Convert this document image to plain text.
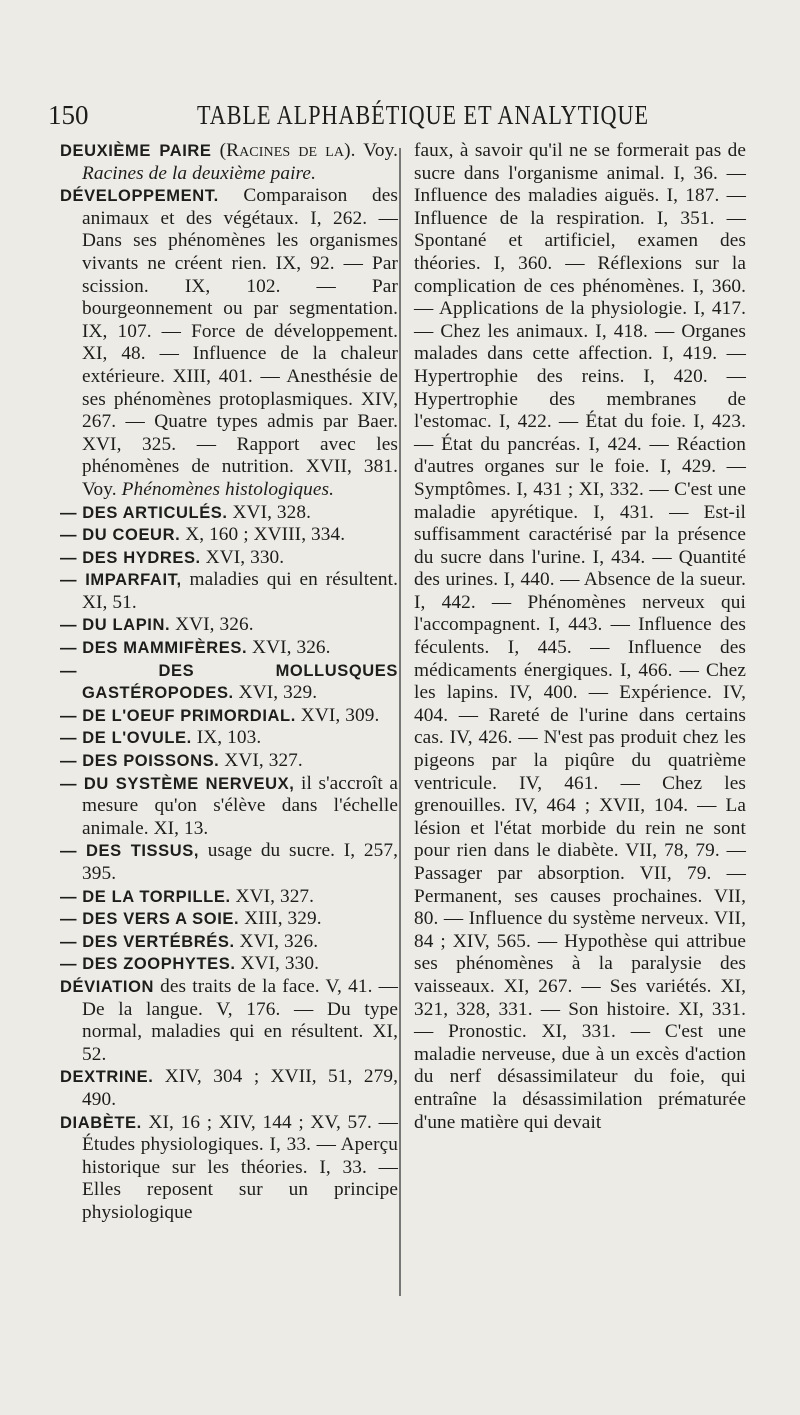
150	TABLE ALPHABÉTIQUE ET ANALYTIQUE

DEUXIÈME PAIRE (Racines de la). Voy. Racines de la deuxième paire.

DÉVELOPPEMENT. Comparaison des animaux et des végétaux. I, 262. — Dans ses phénomènes les organismes vivants ne créent rien. IX, 92. — Par scission. IX, 102. — Par bourgeonnement ou par segmentation. IX, 107. — Force de développement. XI, 48. — Influence de la chaleur extérieure. XIII, 401. — Anesthésie de ses phénomènes protoplasmiques. XIV, 267. — Quatre types admis par Baer. XVI, 325. — Rapport avec les phénomènes de nutrition. XVII, 381. Voy. Phénomènes histologiques.

— DES ARTICULÉS. XVI, 328.

— DU COEUR. X, 160 ; XVIII, 334.

— DES HYDRES. XVI, 330.

— IMPARFAIT, maladies qui en résultent. XI, 51.

— DU LAPIN. XVI, 326.

— DES MAMMIFÈRES. XVI, 326.

— DES MOLLUSQUES GASTÉROPODES. XVI, 329.

— DE L'OEUF PRIMORDIAL. XVI, 309.

— DE L'OVULE. IX, 103.

— DES POISSONS. XVI, 327.

— DU SYSTÈME NERVEUX, il s'accroît a mesure qu'on s'élève dans l'échelle animale. XI, 13.

— DES TISSUS, usage du sucre. I, 257, 395.

— DE LA TORPILLE. XVI, 327.

— DES VERS A SOIE. XIII, 329.

— DES VERTÉBRÉS. XVI, 326.

— DES ZOOPHYTES. XVI, 330.

DÉVIATION des traits de la face. V, 41. — De la langue. V, 176. — Du type normal, maladies qui en résultent. XI, 52.

DEXTRINE. XIV, 304 ; XVII, 51, 279, 490.

DIABÈTE. XI, 16 ; XIV, 144 ; XV, 57. — Études physiologiques. I, 33. — Aperçu historique sur les théories. I, 33. — Elles reposent sur un principe physiologique

faux, à savoir qu'il ne se formerait pas de sucre dans l'organisme animal. I, 36. — Influence des maladies aiguës. I, 187. — Influence de la respiration. I, 351. — Spontané et artificiel, examen des théories. I, 360. — Réflexions sur la complication de ces phénomènes. I, 360. — Applications de la physiologie. I, 417. — Chez les animaux. I, 418. — Organes malades dans cette affection. I, 419. — Hypertrophie des reins. I, 420. — Hypertrophie des membranes de l'estomac. I, 422. — État du foie. I, 423. — État du pancréas. I, 424. — Réaction d'autres organes sur le foie. I, 429. — Symptômes. I, 431 ; XI, 332. — C'est une maladie apyrétique. I, 431. — Est-il suffisamment caractérisé par la présence du sucre dans l'urine. I, 434. — Quantité des urines. I, 440. — Absence de la sueur. I, 442. — Phénomènes nerveux qui l'accompagnent. I, 443. — Influence des féculents. I, 445. — Influence des médicaments énergiques. I, 466. — Chez les lapins. IV, 400. — Expérience. IV, 404. — Rareté de l'urine dans certains cas. IV, 426. — N'est pas produit chez les pigeons par la piqûre du quatrième ventricule. IV, 461. — Chez les grenouilles. IV, 464 ; XVII, 104. — La lésion et l'état morbide du rein ne sont pour rien dans le diabète. VII, 78, 79. — Passager par absorption. VII, 79. — Permanent, ses causes prochaines. VII, 80. — Influence du système nerveux. VII, 84 ; XIV, 565. — Hypothèse qui attribue ses phénomènes à la paralysie des vaisseaux. XI, 267. — Ses variétés. XI, 321, 328, 331. — Son histoire. XI, 331. — Pronostic. XI, 331. — C'est une maladie nerveuse, due à un excès d'action du nerf désassimilateur du foie, qui entraîne la désassimilation prématurée d'une matière qui devait
